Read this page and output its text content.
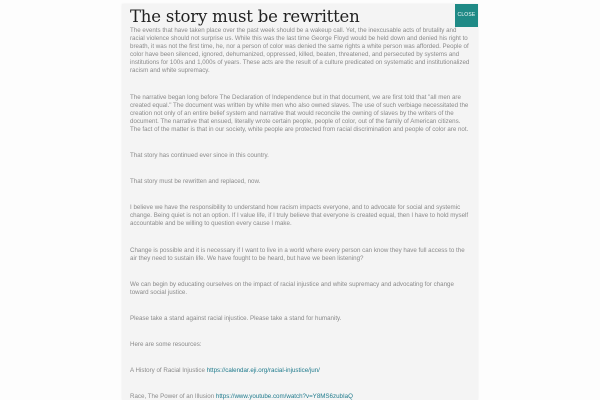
The story must be rewritten	CLOSE

The events that have taken place over the past week should be a wakeup call. Yet, the inexcusable acts of brutality and racial violence should not surprise us. While this was the last time George Floyd would be held down and denied his right to breath, it was not the first time, he, nor a person of color was denied the same rights a white person was afforded. People of color have been silenced, ignored, dehumanized, oppressed, killed, beaten, threatened, and persecuted by systems and institutions for 100s and 1,000s of years. These acts are the result of a culture predicated on systematic and institutionalized racism and white supremacy.

The narrative began long before The Declaration of Independence but in that document, we are first told that "all men are created equal." The document was written by white men who also owned slaves. The use of such verbiage necessitated the creation not only of an entire belief system and narrative that would reconcile the owning of slaves by the writers of the document. The narrative that ensued, literally wrote certain people, people of color, out of the family of American citizens. The fact of the matter is that in our society, white people are protected from racial discrimination and people of color are not.

That story has continued ever since in this country.

That story must be rewritten and replaced, now.

I believe we have the responsibility to understand how racism impacts everyone, and to advocate for social and systemic change. Being quiet is not an option. If I value life, if I truly believe that everyone is created equal, then I have to hold myself accountable and be willing to question every cause I make.

Change is possible and it is necessary if I want to live in a world where every person can know they have full access to the air they need to sustain life. We have fought to be heard, but have we been listening?

We can begin by educating ourselves on the impact of racial injustice and white supremacy and advocating for change toward social justice.

Please take a stand against racial injustice. Please take a stand for humanity.

Here are some resources:

A History of Racial Injustice https://calendar.eji.org/racial-injustice/jun/

Race, The Power of an Illusion https://www.youtube.com/watch?v=Y8MS6zubIaQ
